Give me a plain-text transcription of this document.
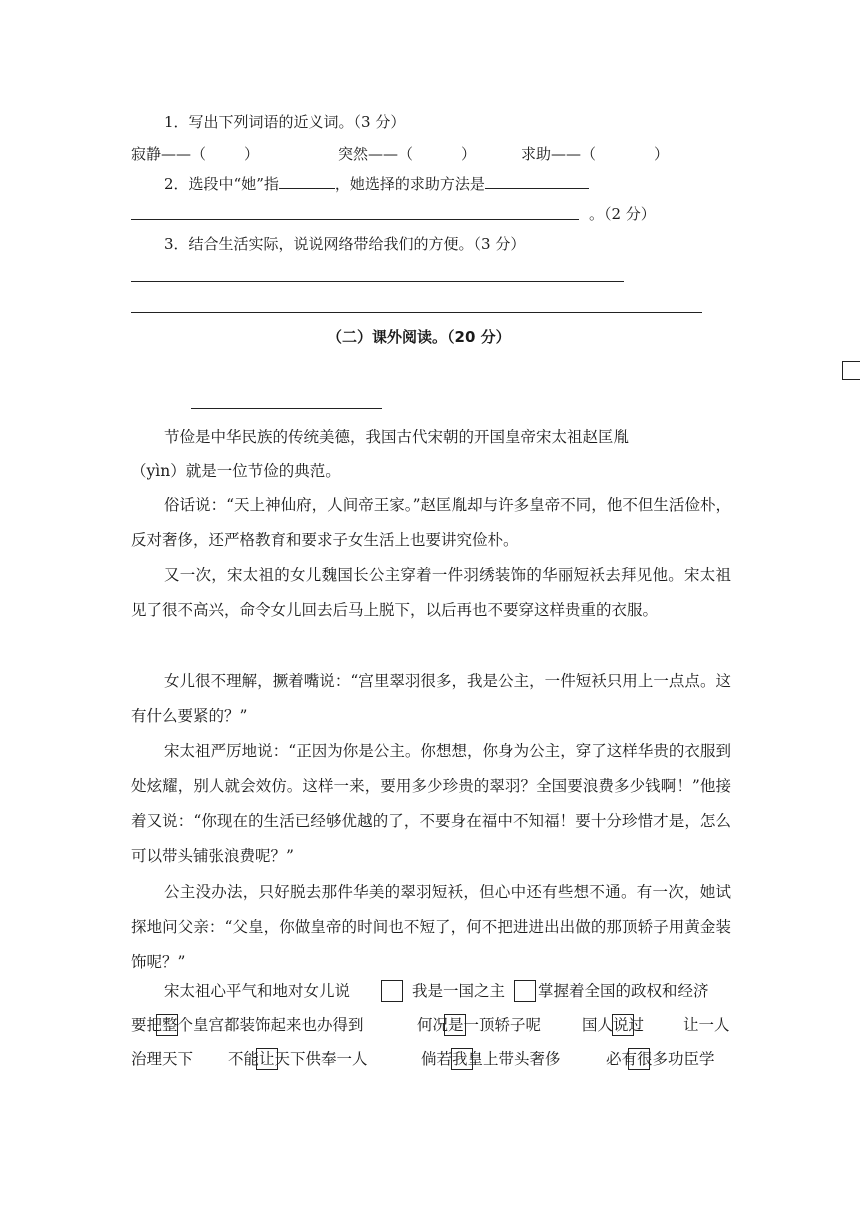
1．写出下列词语的近义词。（3 分）
寂静——（	）	突然——（	）	求助——（	）
2．选段中“她”指	，她选择的求助方法是
。（2 分）
3．结合生活实际，说说网络带给我们的方便。（3 分）
（二）课外阅读。（20 分）
节俭是中华民族的传统美德，我国古代宋朝的开国皇帝宋太祖赵匡胤
（yìn）就是一位节俭的典范。

俗话说：“天上神仙府，人间帝王家。”赵匡胤却与许多皇帝不同，他不但生活俭朴，反对奢侈，还严格教育和要求子女生活上也要讲究俭朴。

又一次，宋太祖的女儿魏国长公主穿着一件羽绣装饰的华丽短袄去拜见他。宋太祖见了很不高兴，命令女儿回去后马上脱下，以后再也不要穿这样贵重的衣服。

女儿很不理解，撅着嘴说：“宫里翠羽很多，我是公主，一件短袄只用上一点点。这有什么要紧的？”

宋太祖严厉地说：“正因为你是公主。你想想，你身为公主，穿了这样华贵的衣服到处炫耀，别人就会效仿。这样一来，要用多少珍贵的翠羽？全国要浪费多少钱啊！”他接着又说：“你现在的生活已经够优越的了，不要身在福中不知福！要十分珍惜才是，怎么可以带头铺张浪费呢？”

公主没办法，只好脱去那件华美的翠羽短袄，但心中还有些想不通。有一次，她试探地问父亲：“父皇，你做皇帝的时间也不短了，何不把进进出出做的那顶轿子用黄金装饰呢？”

宋太祖心平气和地对女儿说	我是一国之主 掌握着全国的政权和经济
要把整个皇宫都装饰起来也办得到	何况是一顶轿子呢	国人说过	让一人
治理天下 不能让天下供奉一人	倘若我皇上带头奢侈	必有很多功臣学
